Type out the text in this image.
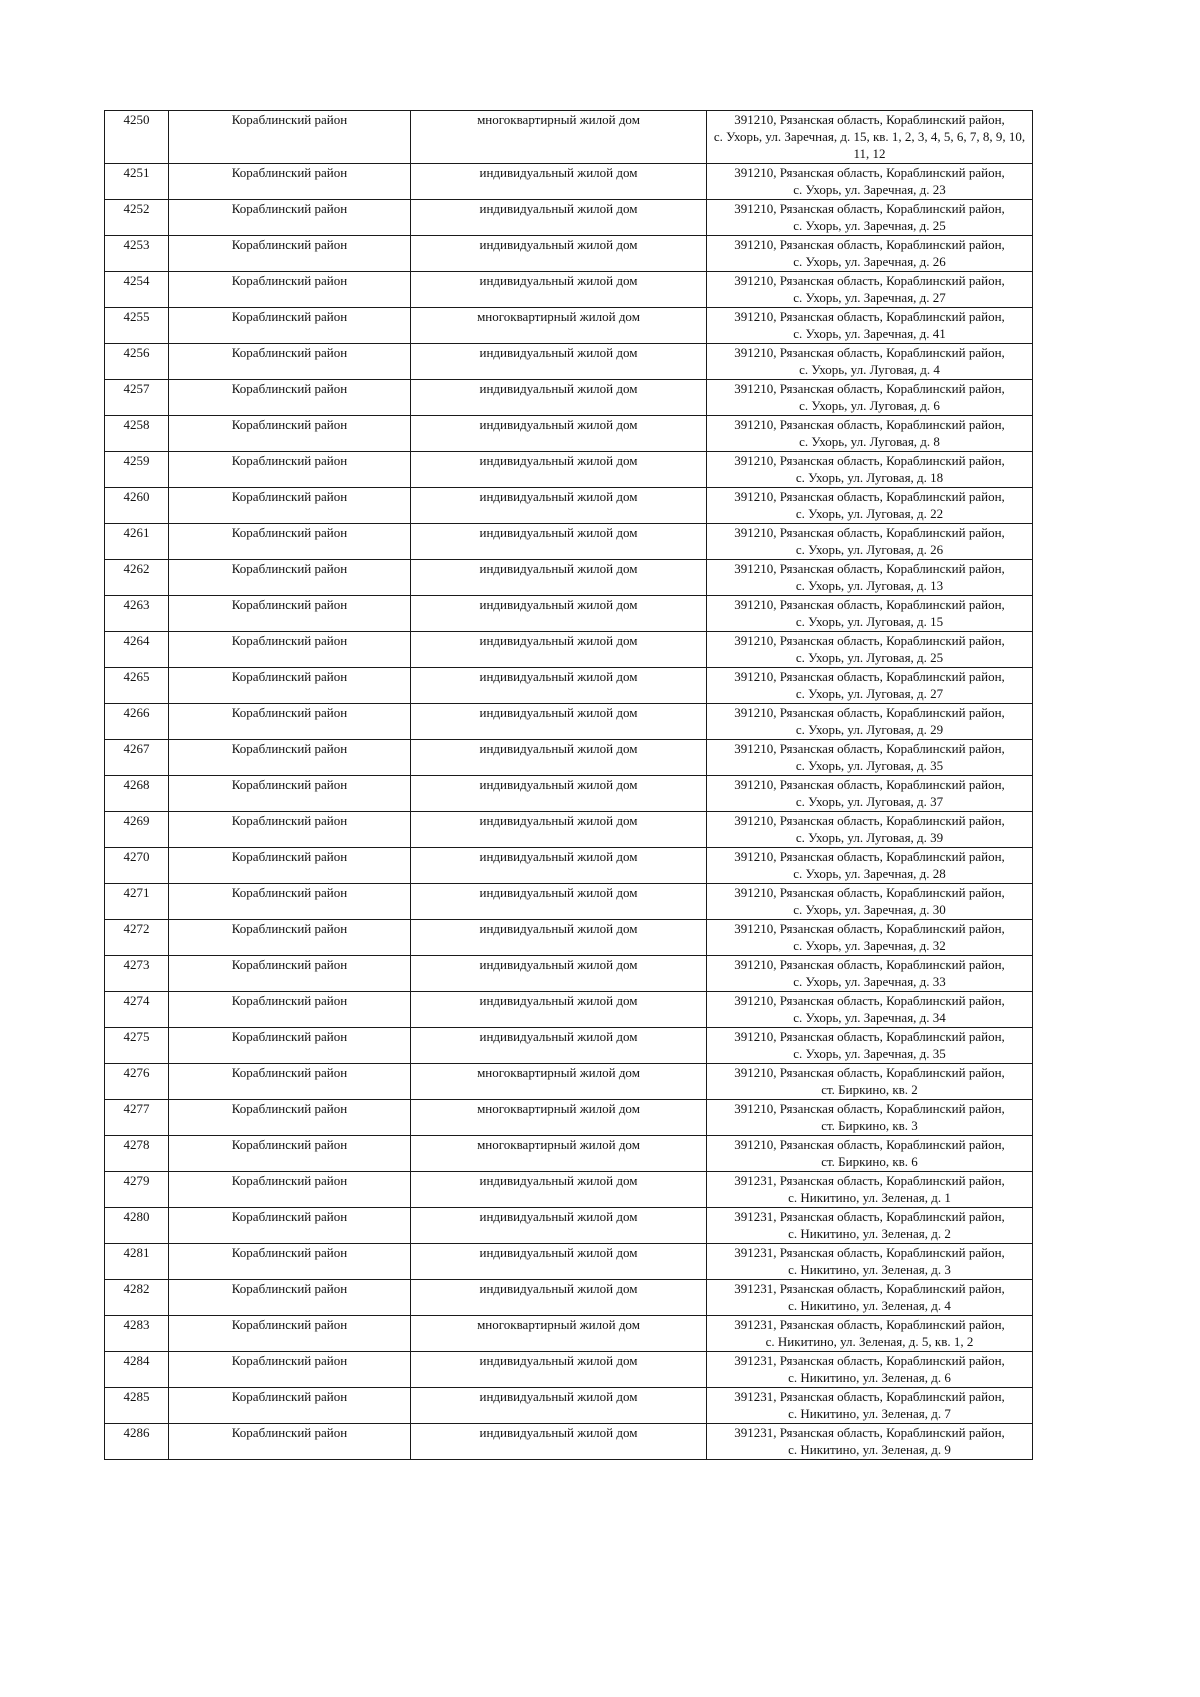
4250	Кораблинский район	многоквартирный жилой дом	391210, Рязанская область, Кораблинский район,
с. Ухорь, ул. Заречная, д. 15, кв. 1, 2, 3, 4, 5, 6, 7, 8, 9, 10, 11, 12

4251	Кораблинский район	индивидуальный жилой дом	391210, Рязанская область, Кораблинский район,
с. Ухорь, ул. Заречная, д. 23

4252	Кораблинский район	индивидуальный жилой дом	391210, Рязанская область, Кораблинский район,
с. Ухорь, ул. Заречная, д. 25

4253	Кораблинский район	индивидуальный жилой дом	391210, Рязанская область, Кораблинский район,
с. Ухорь, ул. Заречная, д. 26

4254	Кораблинский район	индивидуальный жилой дом	391210, Рязанская область, Кораблинский район,
с. Ухорь, ул. Заречная, д. 27

4255	Кораблинский район	многоквартирный жилой дом	391210, Рязанская область, Кораблинский район,
с. Ухорь, ул. Заречная, д. 41

4256	Кораблинский район	индивидуальный жилой дом	391210, Рязанская область, Кораблинский район,
с. Ухорь, ул. Луговая, д. 4

4257	Кораблинский район	индивидуальный жилой дом	391210, Рязанская область, Кораблинский район,
с. Ухорь, ул. Луговая, д. 6

4258	Кораблинский район	индивидуальный жилой дом	391210, Рязанская область, Кораблинский район,
с. Ухорь, ул. Луговая, д. 8

4259	Кораблинский район	индивидуальный жилой дом	391210, Рязанская область, Кораблинский район,
с. Ухорь, ул. Луговая, д. 18

4260	Кораблинский район	индивидуальный жилой дом	391210, Рязанская область, Кораблинский район,
с. Ухорь, ул. Луговая, д. 22

4261	Кораблинский район	индивидуальный жилой дом	391210, Рязанская область, Кораблинский район,
с. Ухорь, ул. Луговая, д. 26

4262	Кораблинский район	индивидуальный жилой дом	391210, Рязанская область, Кораблинский район,
с. Ухорь, ул. Луговая, д. 13

4263	Кораблинский район	индивидуальный жилой дом	391210, Рязанская область, Кораблинский район,
с. Ухорь, ул. Луговая, д. 15

4264	Кораблинский район	индивидуальный жилой дом	391210, Рязанская область, Кораблинский район,
с. Ухорь, ул. Луговая, д. 25

4265	Кораблинский район	индивидуальный жилой дом	391210, Рязанская область, Кораблинский район,
с. Ухорь, ул. Луговая, д. 27

4266	Кораблинский район	индивидуальный жилой дом	391210, Рязанская область, Кораблинский район,
с. Ухорь, ул. Луговая, д. 29

4267	Кораблинский район	индивидуальный жилой дом	391210, Рязанская область, Кораблинский район,
с. Ухорь, ул. Луговая, д. 35

4268	Кораблинский район	индивидуальный жилой дом	391210, Рязанская область, Кораблинский район,
с. Ухорь, ул. Луговая, д. 37

4269	Кораблинский район	индивидуальный жилой дом	391210, Рязанская область, Кораблинский район,
с. Ухорь, ул. Луговая, д. 39

4270	Кораблинский район	индивидуальный жилой дом	391210, Рязанская область, Кораблинский район,
с. Ухорь, ул. Заречная, д. 28

4271	Кораблинский район	индивидуальный жилой дом	391210, Рязанская область, Кораблинский район,
с. Ухорь, ул. Заречная, д. 30

4272	Кораблинский район	индивидуальный жилой дом	391210, Рязанская область, Кораблинский район,
с. Ухорь, ул. Заречная, д. 32

4273	Кораблинский район	индивидуальный жилой дом	391210, Рязанская область, Кораблинский район,
с. Ухорь, ул. Заречная, д. 33

4274	Кораблинский район	индивидуальный жилой дом	391210, Рязанская область, Кораблинский район,
с. Ухорь, ул. Заречная, д. 34

4275	Кораблинский район	индивидуальный жилой дом	391210, Рязанская область, Кораблинский район,
с. Ухорь, ул. Заречная, д. 35

4276	Кораблинский район	многоквартирный жилой дом	391210, Рязанская область, Кораблинский район,
ст. Биркино, кв. 2

4277	Кораблинский район	многоквартирный жилой дом	391210, Рязанская область, Кораблинский район,
ст. Биркино, кв. 3

4278	Кораблинский район	многоквартирный жилой дом	391210, Рязанская область, Кораблинский район,
ст. Биркино, кв. 6

4279	Кораблинский район	индивидуальный жилой дом	391231, Рязанская область, Кораблинский район,
с. Никитино, ул. Зеленая, д. 1

4280	Кораблинский район	индивидуальный жилой дом	391231, Рязанская область, Кораблинский район,
с. Никитино, ул. Зеленая, д. 2

4281	Кораблинский район	индивидуальный жилой дом	391231, Рязанская область, Кораблинский район,
с. Никитино, ул. Зеленая, д. 3

4282	Кораблинский район	индивидуальный жилой дом	391231, Рязанская область, Кораблинский район,
с. Никитино, ул. Зеленая, д. 4

4283	Кораблинский район	многоквартирный жилой дом	391231, Рязанская область, Кораблинский район,
с. Никитино, ул. Зеленая, д. 5, кв. 1, 2

4284	Кораблинский район	индивидуальный жилой дом	391231, Рязанская область, Кораблинский район,
с. Никитино, ул. Зеленая, д. 6

4285	Кораблинский район	индивидуальный жилой дом	391231, Рязанская область, Кораблинский район,
с. Никитино, ул. Зеленая, д. 7

4286	Кораблинский район	индивидуальный жилой дом	391231, Рязанская область, Кораблинский район,
с. Никитино, ул. Зеленая, д. 9
